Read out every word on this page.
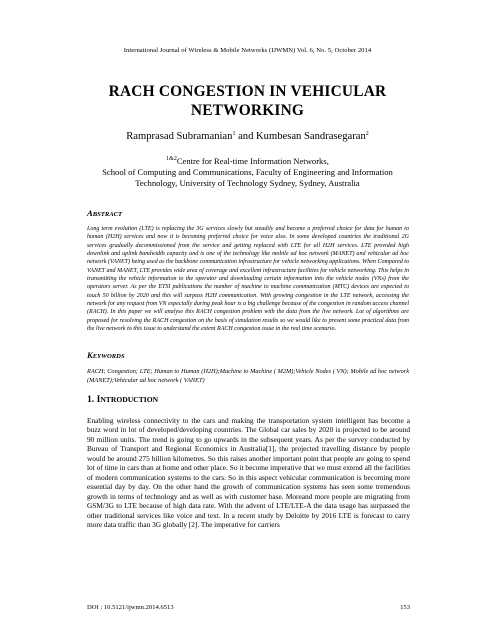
International Journal of Wireless & Mobile Networks (IJWMN) Vol. 6, No. 5, October 2014
RACH CONGESTION IN VEHICULAR
NETWORKING
Ramprasad Subramanian$^1$ and Kumbesan Sandrasegaran$^2$
$^{1\&2}$Centre for Real-time Information Networks,
School of Computing and Communications, Faculty of Engineering and Information
Technology, University of Technology Sydney, Sydney, Australia
ABSTRACT

Long term evolution (LTE) is replacing the 3G services slowly but steadily and become a preferred choice for data for human to human (H2H) services and now it is becoming preferred choice for voice also. In some developed countries the traditional 2G services gradually decommissioned from the service and getting replaced with LTE for all H2H services. LTE provided high downlink and uplink bandwidth capacity and is one of the technology like mobile ad hoc network (MANET) and vehicular ad hoc network (VANET) being used as the backbone communication infrastructure for vehicle networking applications. When Compared to VANET and MANET, LTE provides wide area of coverage and excellent infrastructure facilities for vehicle networking. This helps in transmitting the vehicle information to the operator and downloading certain information into the vehicle nodes (VNs) from the operators server. As per the ETSI publications the number of machine to machine communication (MTC) devices are expected to touch 50 billion by 2020 and this will surpass H2H communication. With growing congestion in the LTE network, accessing the network for any request from VN especially during peak hour is a big challenge because of the congestion in random access channel (RACH). In this paper we will analyse this RACH congestion problem with the data from the live network. Lot of algorithms are proposed for resolving the RACH congestion on the basis of simulation results so we would like to present some practical data from the live network to this issue to understand the extent RACH congestion issue in the real time scenario.

KEYWORDS

RACH; Congestion; LTE; Human to Human (H2H);Machine to Machine ( M2M);Vehicle Nodes ( VN); Mobile ad hoc network (MANET);Vehicular ad hoc network ( VANET)

1. INTRODUCTION

Enabling wireless connectivity to the cars and making the transportation system intelligent has become a buzz word in lot of developed/developing countries. The Global car sales by 2020 is projected to be around 90 million units. The trend is going to go upwards in the subsequent years. As per the survey conducted by Bureau of Transport and Regional Economics in Australia[1], the projected travelling distance by people would be around 275 billion kilometres. So this raises another important point that people are going to spend lot of time in cars than at home and other place. So it become imperative that we must extend all the facilities of modern communication systems to the cars. So in this aspect vehicular communication is becoming more essential day by day. On the other hand the growth of communication systems has seen some tremendous growth in terms of technology and as well as with customer base. Moreand more people are migrating from GSM/3G to LTE because of high data rate. With the advent of LTE/LTE-A the data usage has surpassed the other traditional services like voice and text. In a recent study by Deloitte by 2016 LTE is forecast to carry more data traffic than 3G globally [2]. The imperative for carriers

DOI : 10.5121/ijwmn.2014.6513	153
